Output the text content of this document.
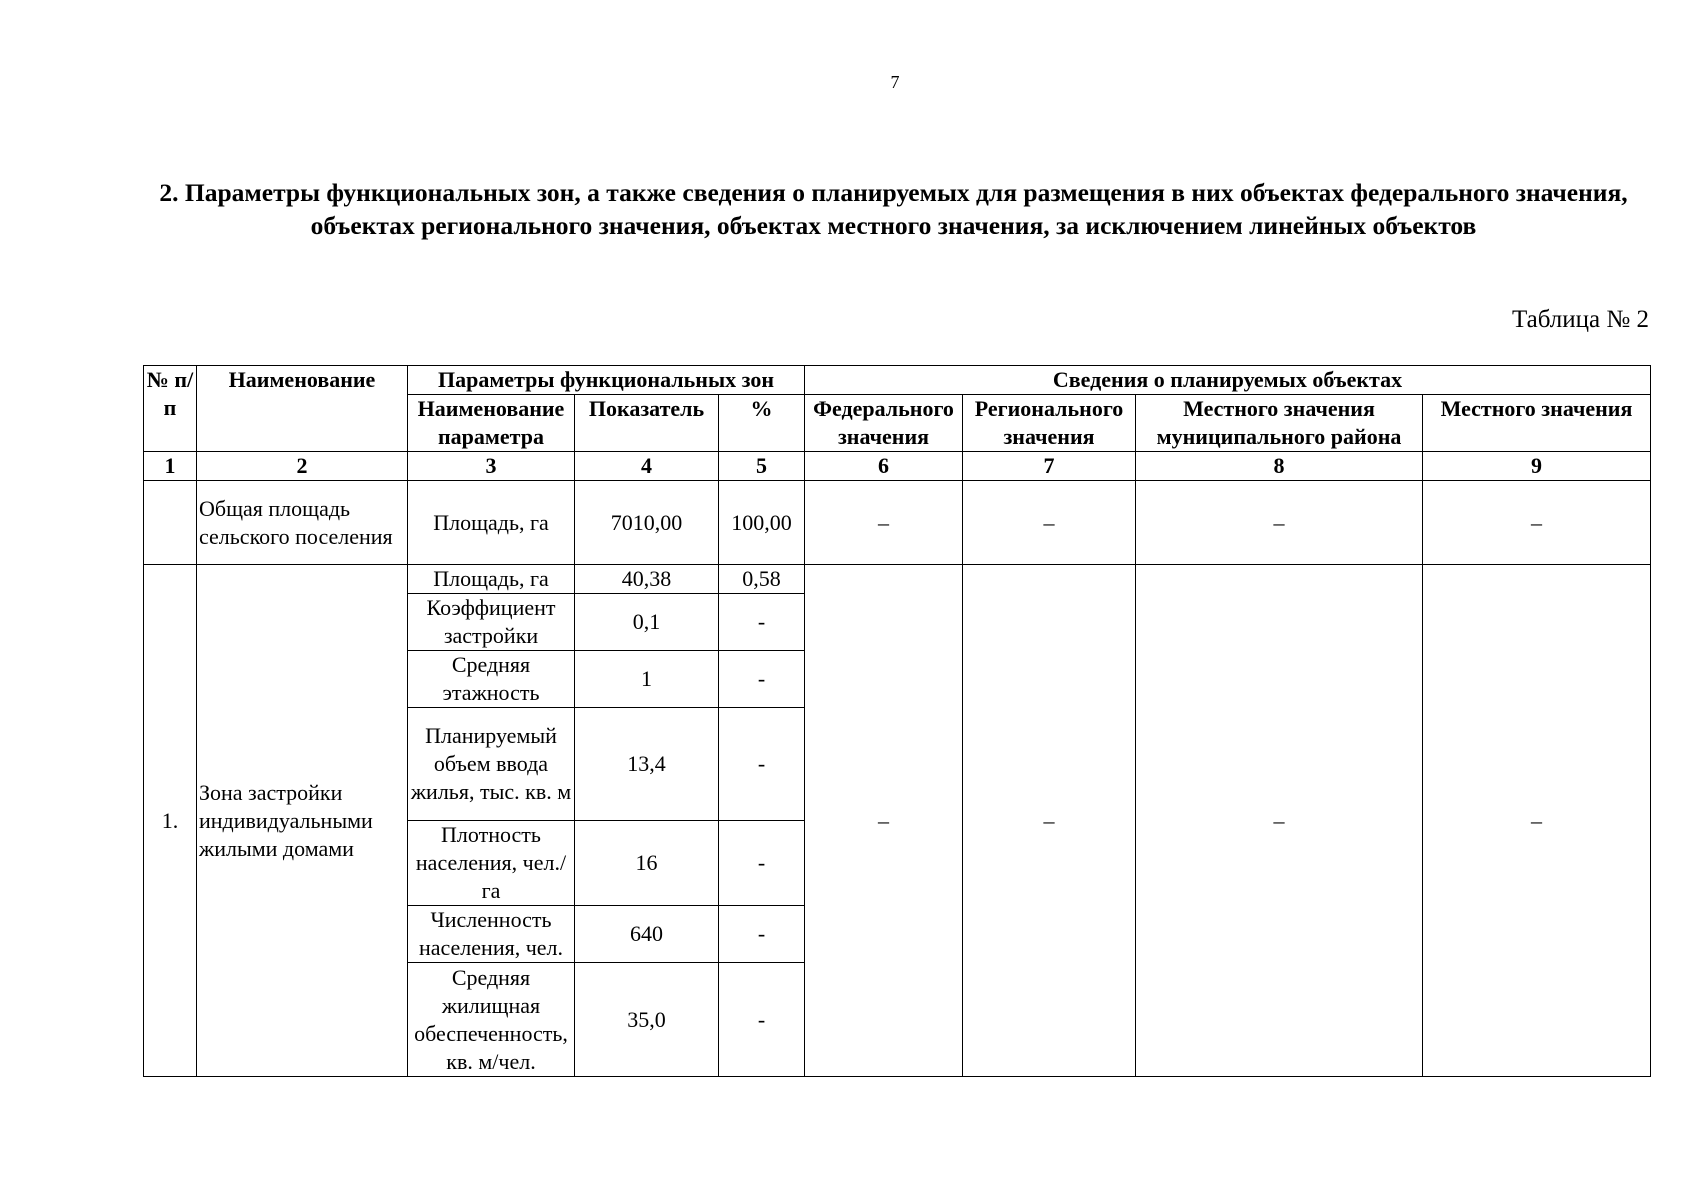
7
2. Параметры функциональных зон, а также сведения о планируемых для размещения в них объектах федерального значения, объектах регионального значения, объектах местного значения, за исключением линейных объектов
Таблица № 2
№ п/п	Наименование	Параметры функциональных зон			Сведения о планируемых объектах			
		Наименование параметра	Показатель	%	Федерального значения	Регионального значения	Местного значения муниципального района	Местного значения
1	2	3	4	5	6	7	8	9
	Общая площадь сельского поселения	Площадь, га	7010,00	100,00	–	–	–	–
1.	Зона застройки индивидуальными жилыми домами	Площадь, га	40,38	0,58	–	–	–	–
		Коэффициент застройки	0,1	-				
		Средняя этажность	1	-				
		Планируемый объем ввода жилья, тыс. кв. м	13,4	-				
		Плотность населения, чел./га	16	-				
		Численность населения, чел.	640	-				
		Средняя жилищная обеспеченность, кв. м/чел.	35,0	-				
